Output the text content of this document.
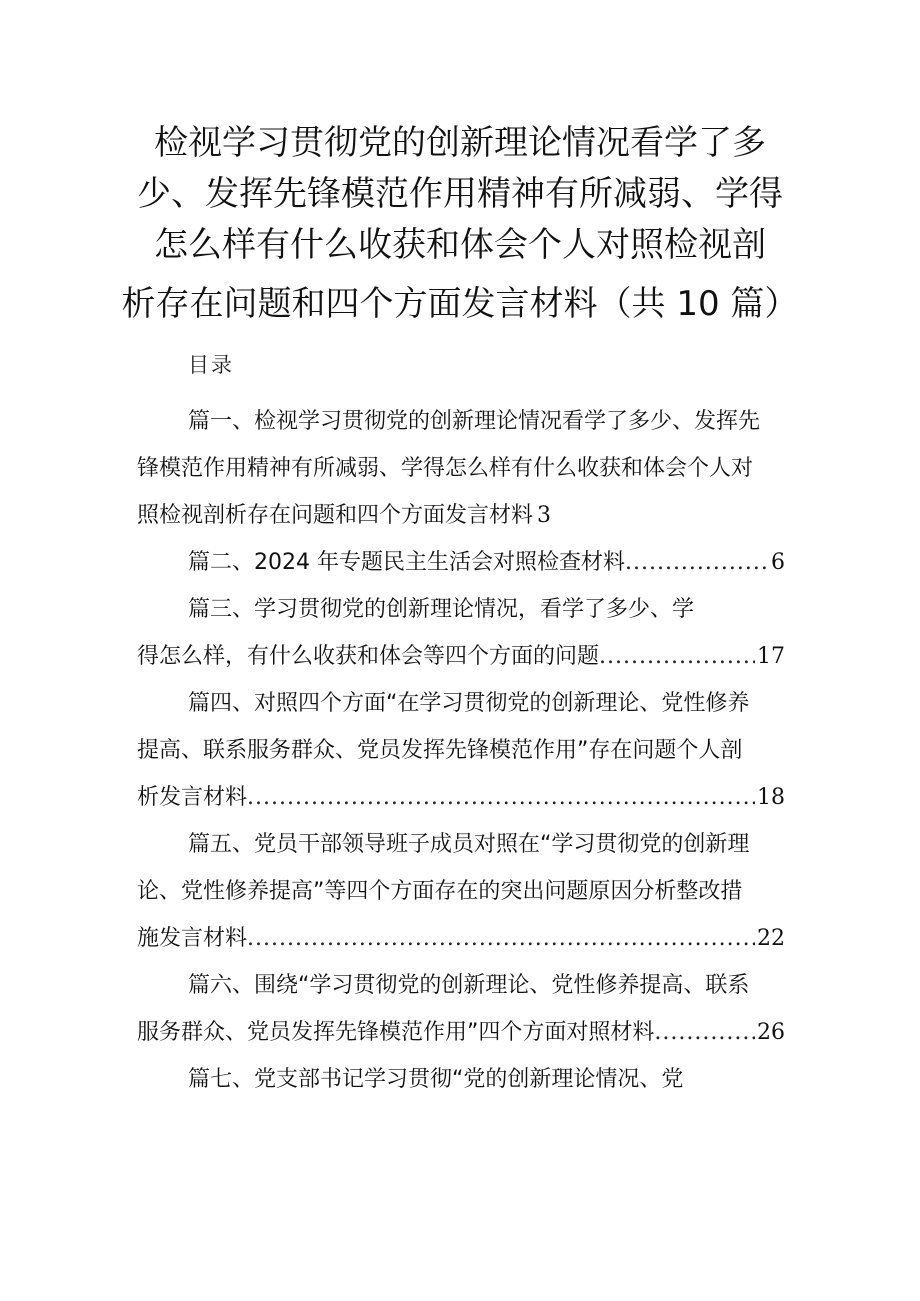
检视学习贯彻党的创新理论情况看学了多
少、发挥先锋模范作用精神有所减弱、学得
怎么样有什么收获和体会个人对照检视剖
析存在问题和四个方面发言材料（共 10 篇）
目录
篇一、检视学习贯彻党的创新理论情况看学了多少、发挥先
锋模范作用精神有所减弱、学得怎么样有什么收获和体会个人对
照检视剖析存在问题和四个方面发言材料 3
篇二、2024 年专题民主生活会对照检查材料 .....	6
篇三、学习贯彻党的创新理论情况，看学了多少、学
得怎么样，有什么收获和体会等四个方面的问题 .....	17
篇四、对照四个方面“在学习贯彻党的创新理论、党性修养
提高、联系服务群众、党员发挥先锋模范作用”存在问题个人剖
析发言材料 .....	18
篇五、党员干部领导班子成员对照在“学习贯彻党的创新理
论、党性修养提高”等四个方面存在的突出问题原因分析整改措
施发言材料 .....	22
篇六、围绕“学习贯彻党的创新理论、党性修养提高、联系
服务群众、党员发挥先锋模范作用”四个方面对照材料 .....	26
篇七、党支部书记学习贯彻“党的创新理论情况、党
